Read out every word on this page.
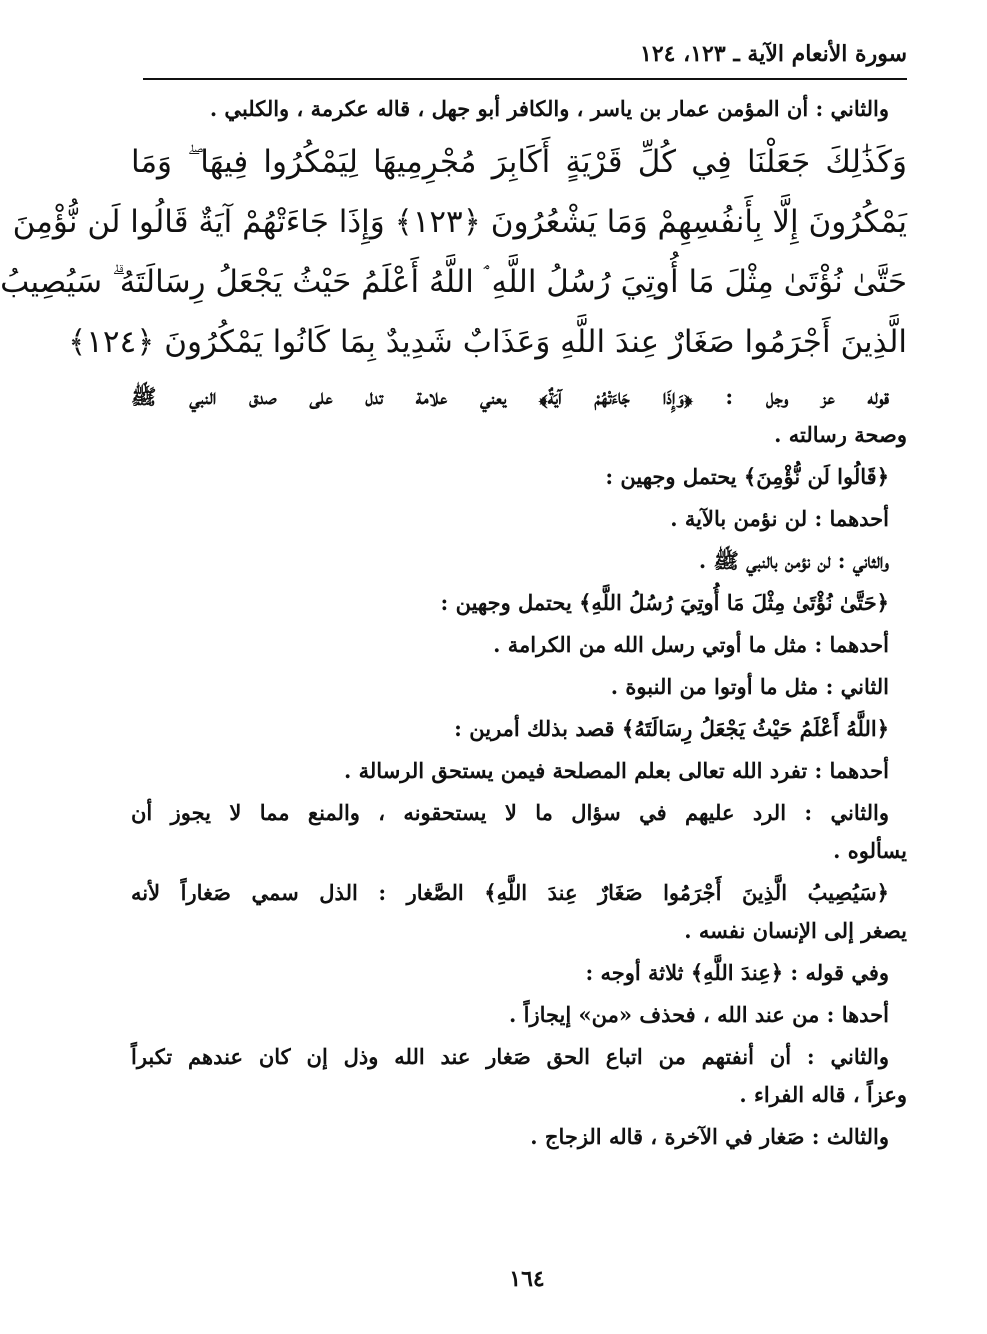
سورة الأنعام الآية ـ ١٢٣، ١٢٤
والثاني : أن المؤمن عمار بن ياسر ، والكافر أبو جهل ، قاله عكرمة ، والكلبي .
وَكَذَٰلِكَ جَعَلْنَا فِي كُلِّ قَرْيَةٍ أَكَابِرَ مُجْرِمِيهَا لِيَمْكُرُوا فِيهَا ۖ وَمَا
يَمْكُرُونَ إِلَّا بِأَنفُسِهِمْ وَمَا يَشْعُرُونَ ﴿١٢٣﴾ وَإِذَا جَاءَتْهُمْ آيَةٌ قَالُوا لَن نُّؤْمِنَ
حَتَّىٰ نُؤْتَىٰ مِثْلَ مَا أُوتِيَ رُسُلُ اللَّهِ ۘ اللَّهُ أَعْلَمُ حَيْثُ يَجْعَلُ رِسَالَتَهُ ۗ سَيُصِيبُ
الَّذِينَ أَجْرَمُوا صَغَارٌ عِندَ اللَّهِ وَعَذَابٌ شَدِيدٌ بِمَا كَانُوا يَمْكُرُونَ ﴿١٢٤﴾
قوله عز وجل : ﴿وَإِذَا جَاءَتْهُمْ آيَةٌ﴾ يعني علامة تدل على صدق النبي ﷺ
وصحة رسالته .
﴿قَالُوا لَن نُّؤْمِنَ﴾ يحتمل وجهين :
أحدهما : لن نؤمن بالآية .
والثاني : لن نؤمن بالنبي ﷺ .
﴿حَتَّىٰ نُؤْتَىٰ مِثْلَ مَا أُوتِيَ رُسُلُ اللَّهِ﴾ يحتمل وجهين :
أحدهما : مثل ما أوتي رسل الله من الكرامة .
الثاني : مثل ما أوتوا من النبوة .
﴿اللَّهُ أَعْلَمُ حَيْثُ يَجْعَلُ رِسَالَتَهُ﴾ قصد بذلك أمرين :
أحدهما : تفرد الله تعالى بعلم المصلحة فيمن يستحق الرسالة .
والثاني : الرد عليهم في سؤال ما لا يستحقونه ، والمنع مما لا يجوز أن
يسألوه .
﴿سَيُصِيبُ الَّذِينَ أَجْرَمُوا صَغَارٌ عِندَ اللَّهِ﴾ الصَّغار : الذل سمي صَغاراً لأنه
يصغر إلى الإنسان نفسه .
وفي قوله : ﴿عِندَ اللَّهِ﴾ ثلاثة أوجه :
أحدها : من عند الله ، فحذف «من» إيجازاً .
والثاني : أن أنفتهم من اتباع الحق صَغار عند الله وذل إن كان عندهم تكبراً
وعزاً ، قاله الفراء .
والثالث : صَغار في الآخرة ، قاله الزجاج .
١٦٤
